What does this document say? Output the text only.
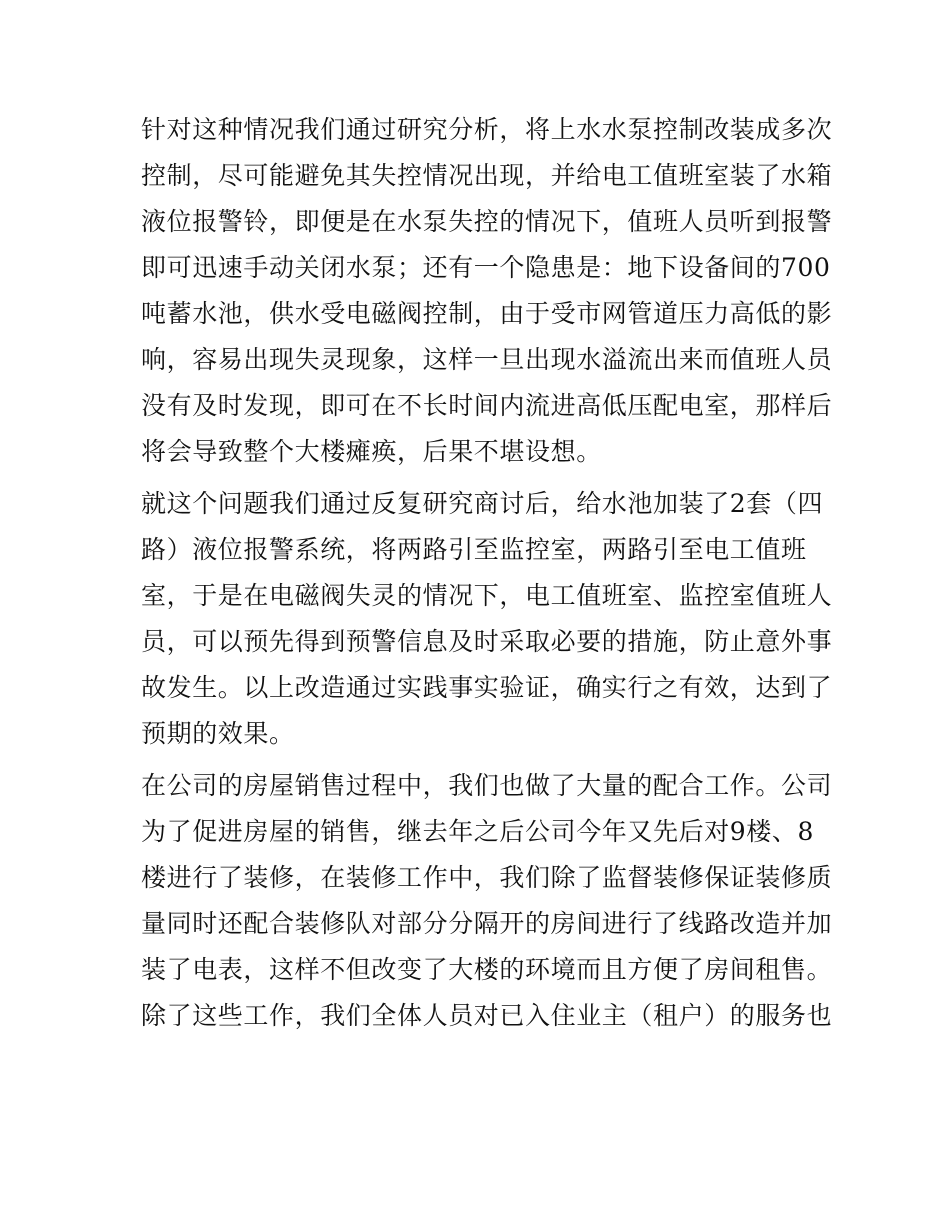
针对这种情况我们通过研究分析，将上水水泵控制改装成多次
控制，尽可能避免其失控情况出现，并给电工值班室装了水箱
液位报警铃，即便是在水泵失控的情况下，值班人员听到报警
即可迅速手动关闭水泵；还有一个隐患是：地下设备间的700
吨蓄水池，供水受电磁阀控制，由于受市网管道压力高低的影
响，容易出现失灵现象，这样一旦出现水溢流出来而值班人员
没有及时发现，即可在不长时间内流进高低压配电室，那样后
将会导致整个大楼瘫痪，后果不堪设想。
就这个问题我们通过反复研究商讨后，给水池加装了2套（四
路）液位报警系统，将两路引至监控室，两路引至电工值班
室，于是在电磁阀失灵的情况下，电工值班室、监控室值班人
员，可以预先得到预警信息及时采取必要的措施，防止意外事
故发生。以上改造通过实践事实验证，确实行之有效，达到了
预期的效果。
在公司的房屋销售过程中，我们也做了大量的配合工作。公司
为了促进房屋的销售，继去年之后公司今年又先后对9楼、8
楼进行了装修，在装修工作中，我们除了监督装修保证装修质
量同时还配合装修队对部分分隔开的房间进行了线路改造并加
装了电表，这样不但改变了大楼的环境而且方便了房间租售。
除了这些工作，我们全体人员对已入住业主（租户）的服务也
